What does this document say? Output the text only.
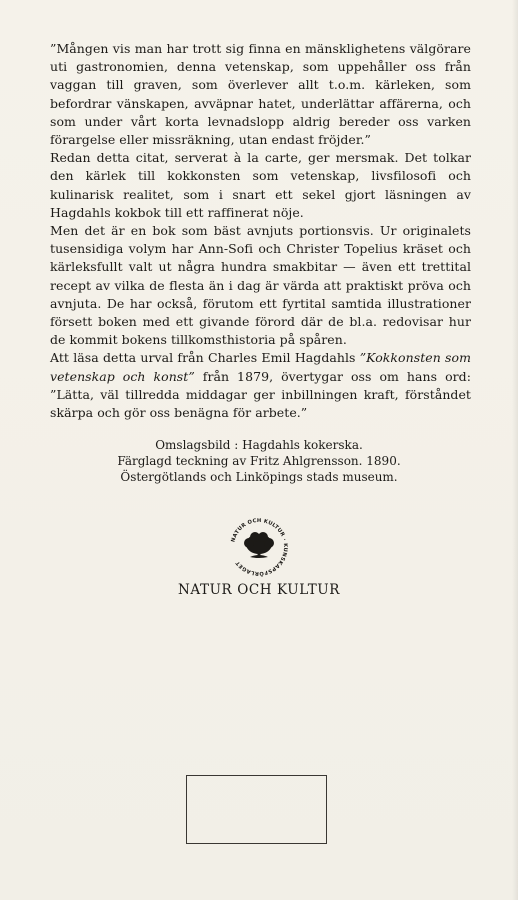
”Mången vis man har trott sig finna en mänsklighetens välgörare uti gastronomien, denna vetenskap, som uppehåller oss från vaggan till graven, som överlever allt t.o.m. kärleken, som befordrar vänskapen, avväpnar hatet, underlättar affärerna, och som under vårt korta levnadslopp aldrig bereder oss varken förargelse eller missräkning, utan endast fröjder.”

Redan detta citat, serverat à la carte, ger mersmak. Det tolkar den kärlek till kokkonsten som vetenskap, livsfilosofi och kulinarisk realitet, som i snart ett sekel gjort läsningen av Hagdahls kokbok till ett raffinerat nöje.

Men det är en bok som bäst avnjuts portionsvis. Ur originalets tusensidiga volym har Ann-Sofi och Christer Topelius kräset och kärleksfullt valt ut några hundra smakbitar — även ett trettital recept av vilka de flesta än i dag är värda att praktiskt pröva och avnjuta. De har också, förutom ett fyrtital samtida illustrationer försett boken med ett givande förord där de bl.a. redovisar hur de kommit bokens tillkomsthistoria på spåren.

Att läsa detta urval från Charles Emil Hagdahls ”Kokkonsten som vetenskap och konst” från 1879, övertygar oss om hans ord: ”Lätta, väl tillredda middagar ger inbillningen kraft, förståndet skärpa och gör oss benägna för arbete.”

Omslagsbild : Hagdahls kokerska.
Färglagd teckning av Fritz Ahlgrensson. 1890.
Östergötlands och Linköpings stads museum.
NATUR OCH KULTUR · KUNSKAPSFÖRLAGET
NATUR OCH KULTUR
